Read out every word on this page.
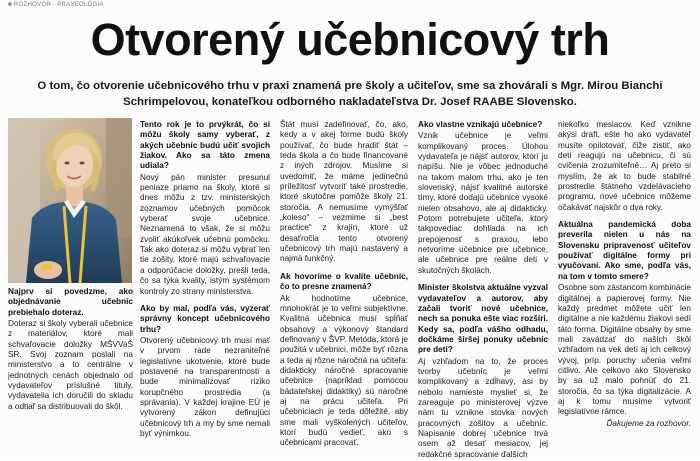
■ ROZHOVOR · PRAXEOLÓGIA
Otvorený učebnicový trh
O tom, čo otvorenie učebnicového trhu v praxi znamená pre školy a učiteľov, sme sa zhovárali s Mgr. Mirou Bianchi Schrimpelovou, konateľkou odborného nakladateľstva Dr. Josef RAABE Slovensko.

Najprv si povedzme, ako objednávanie učebníc prebiehalo doteraz.

Doteraz si školy vyberali učebnice z materiálov, ktoré mali schvaľovacie doložky MŠVVaŠ SR. Svoj zoznam poslali na ministerstvo a to centrálne v jednotných cenách objednalo od vydavateľov príslušné tituly, vydavatelia ich doručili do skladu a odtiaľ sa distribuovali do škôl.

Tento rok je to prvýkrát, čo si môžu školy samy vyberať, z akých učebníc budú učiť svojich žiakov. Ako sa táto zmena udiala?

Nový pán minister presunul peniaze priamo na školy, ktoré si dnes môžu z tzv. ministerských zoznamov učebných pomôcok vyberať svoje učebnice. Neznamená to však, že si môžu zvoliť akúkoľvek učebnú pomôcku. Tak ako doteraz si môžu vybrať len tie zošity, ktoré majú schvaľovacie a odporúčacie doložky, prešli teda, čo sa týka kvality, istým systémom kontroly zo strany ministerstva.

Ako by mal, podľa vás, vyzerať správny koncept učebnicového trhu?

Otvorený učebnicový trh musí mať v prvom rade nezraniteľné legislatívne ukotvenie, ktoré bude postavené na transparentnosti a bude minimalizovať riziko korupčného prostredia (a správania). V každej krajine EÚ je vytvorený zákon definujúci učebnicový trh a my by sme nemali byť výnimkou.

Štát musí zadefinovať, čo, ako, kedy a v akej forme budú školy používať, čo bude hradiť štát – teda škola a čo bude financované z iných zdrojov. Musíme si uvedomiť, že máme jedinečnú príležitosť vytvoriť také prostredie, ktoré skutočne pomôže školy 21. storočia. A nemusíme vymýšľať „koleso“ – vezmime si „best practice“ z krajín, ktoré už desaťročia tento otvorený učebnicový trh majú nastavený a najmä funkčný.

Ak hovoríme o kvalite učebníc, čo to presne znamená?

Ak hodnotíme učebnice, mnohokrát je to veľmi subjektívne. Kvalitná učebnica musí spĺňať obsahový a výkonový štandard definovaný v ŠVP. Metóda, ktorá je použitá v učebnici, môže byť rôzna a teda aj rôzne náročná na učiteľa: didakticky náročné spracovanie učebnice (napríklad pomocou bádateľskej didaktiky) sú náročné aj na prácu učiteľa. Pri učebniciach je teda dôležité, aby sme mali vyškolených učiteľov, ktorí budú vedieť, ako s učebnicami pracovať.

Ako vlastne vznikajú učebnice?

Vznik učebnice je veľmi komplikovaný proces. Úlohou vydavateľa je nájsť autorov, ktorí ju napíšu. Nie je vôbec jednoduché na takom malom trhu, ako je ten slovenský, nájsť kvalitné autorské tímy, ktoré dodajú učebnice vysoké nielen obsahovo, ale aj didakticky. Potom potrebujete učiteľa, ktorý takpovediac dohliada na ich prepojenosť s praxou, lebo netvoríme učebnice pre učebnice, ale učebnice pre reálne deti v skutočných školách.

Minister školstva aktuálne vyzval vydavateľov a autorov, aby začali tvoriť nové učebnice, nech sa ponuka ešte viac rozšíri. Kedy sa, podľa vášho odhadu, dočkáme širšej ponuky učebníc pre deti?

Aj vzhľadom na to, že proces tvorby učebníc je veľmi komplikovaný a zdĺhavý, asi by nebolo namieste myslieť si, že zareaguje po ministerovej výzve nám tu vznikne stovka nových pracovných zošitov a učebníc. Napísanie dobrej učebnice trvá osem až desať mesiacov, jej redakčné spracovanie ďalších

niekoľko mesiacov. Keď vznikne akýsi draft, ešte ho ako vydavateľ musíte opilotovať, čiže zistiť, ako deti reagujú na učebnicu, či sú cvičenia zrozumiteľné… Aj preto si myslím, že ak to bude stabilné prostredie štátneho vzdelávacieho programu, nové učebnice môžeme očakávať najskôr o dva roky.

Aktuálna pandemická doba preverila nielen u nás na Slovensku pripravenosť učiteľov používať digitálne formy pri vyučovaní. Ako sme, podľa vás, na tom v tomto smere?

Osobne som zástancom kombinácie digitálnej a papierovej formy. Nie každý predmet môžete učiť len digitálne a nie každému žiakovi sedí táto forma. Digitálne obsahy by sme mali zavádzať do naších škôl vzhľadom na vek detí aj ich celkový vývoj, príp. poruchy učenia veľmi citlivo. Ale celkovo ako Slovensko by sa už malo pohnúť do 21. storočia, čo sa týka digitalizácie. A aj k tomu musíme vytvoriť legislatívne rámce.

Ďakujeme za rozhovor.
